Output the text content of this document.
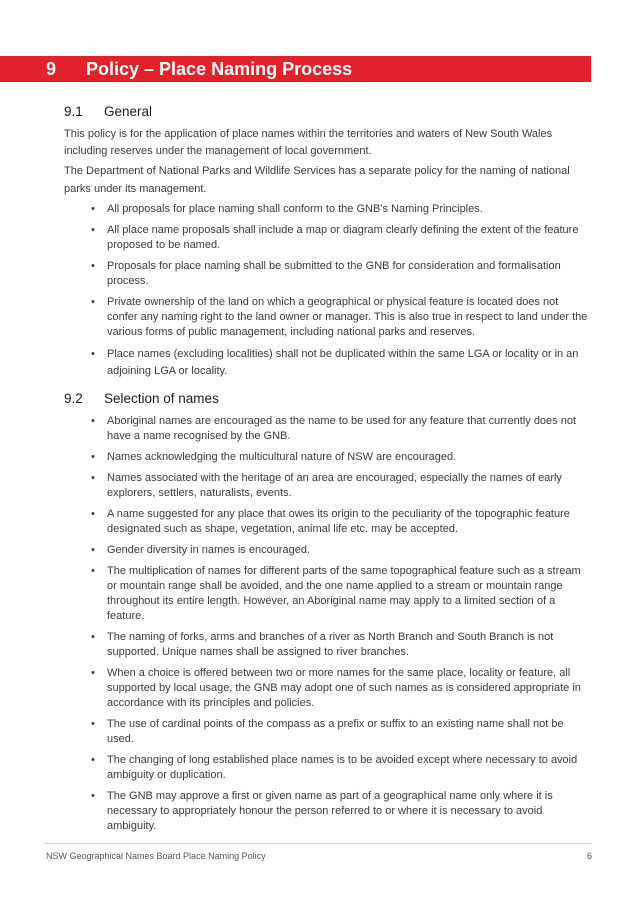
9 Policy – Place Naming Process
9.1 General

This policy is for the application of place names within the territories and waters of New South Wales including reserves under the management of local government.

The Department of National Parks and Wildlife Services has a separate policy for the naming of national parks under its management.

• All proposals for place naming shall conform to the GNB’s Naming Principles.
• All place name proposals shall include a map or diagram clearly defining the extent of the feature proposed to be named.
• Proposals for place naming shall be submitted to the GNB for consideration and formalisation process.
• Private ownership of the land on which a geographical or physical feature is located does not confer any naming right to the land owner or manager. This is also true in respect to land under the various forms of public management, including national parks and reserves.
• Place names (excluding localities) shall not be duplicated within the same LGA or locality or in an adjoining LGA or locality.
9.2 Selection of names
• Aboriginal names are encouraged as the name to be used for any feature that currently does not have a name recognised by the GNB.
• Names acknowledging the multicultural nature of NSW are encouraged.
• Names associated with the heritage of an area are encouraged, especially the names of early explorers, settlers, naturalists, events.
• A name suggested for any place that owes its origin to the peculiarity of the topographic feature designated such as shape, vegetation, animal life etc. may be accepted.
• Gender diversity in names is encouraged.
• The multiplication of names for different parts of the same topographical feature such as a stream or mountain range shall be avoided, and the one name applied to a stream or mountain range throughout its entire length. However, an Aboriginal name may apply to a limited section of a feature.
• The naming of forks, arms and branches of a river as North Branch and South Branch is not supported. Unique names shall be assigned to river branches.
• When a choice is offered between two or more names for the same place, locality or feature, all supported by local usage, the GNB may adopt one of such names as is considered appropriate in accordance with its principles and policies.
• The use of cardinal points of the compass as a prefix or suffix to an existing name shall not be used.
• The changing of long established place names is to be avoided except where necessary to avoid ambiguity or duplication.
• The GNB may approve a first or given name as part of a geographical name only where it is necessary to appropriately honour the person referred to or where it is necessary to avoid ambiguity.
NSW Geographical Names Board Place Naming Policy	6
